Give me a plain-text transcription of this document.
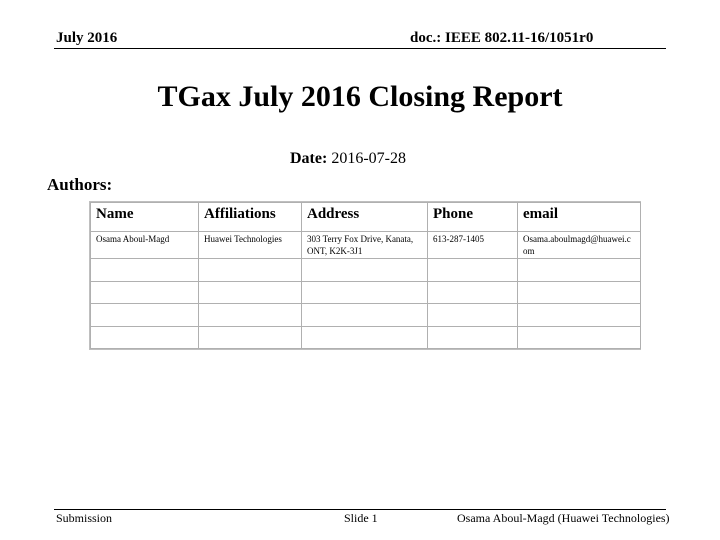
July 2016	doc.: IEEE 802.11-16/1051r0
TGax July 2016 Closing Report
Date: 2016-07-28
Authors:
Name	Affiliations	Address	Phone	email
Osama Aboul-Magd	Huawei Technologies	303 Terry Fox Drive, Kanata, ONT, K2K-3J1	613-287-1405	Osama.aboulmagd@huawei.com

Submission	Slide 1	Osama Aboul-Magd (Huawei Technologies)
